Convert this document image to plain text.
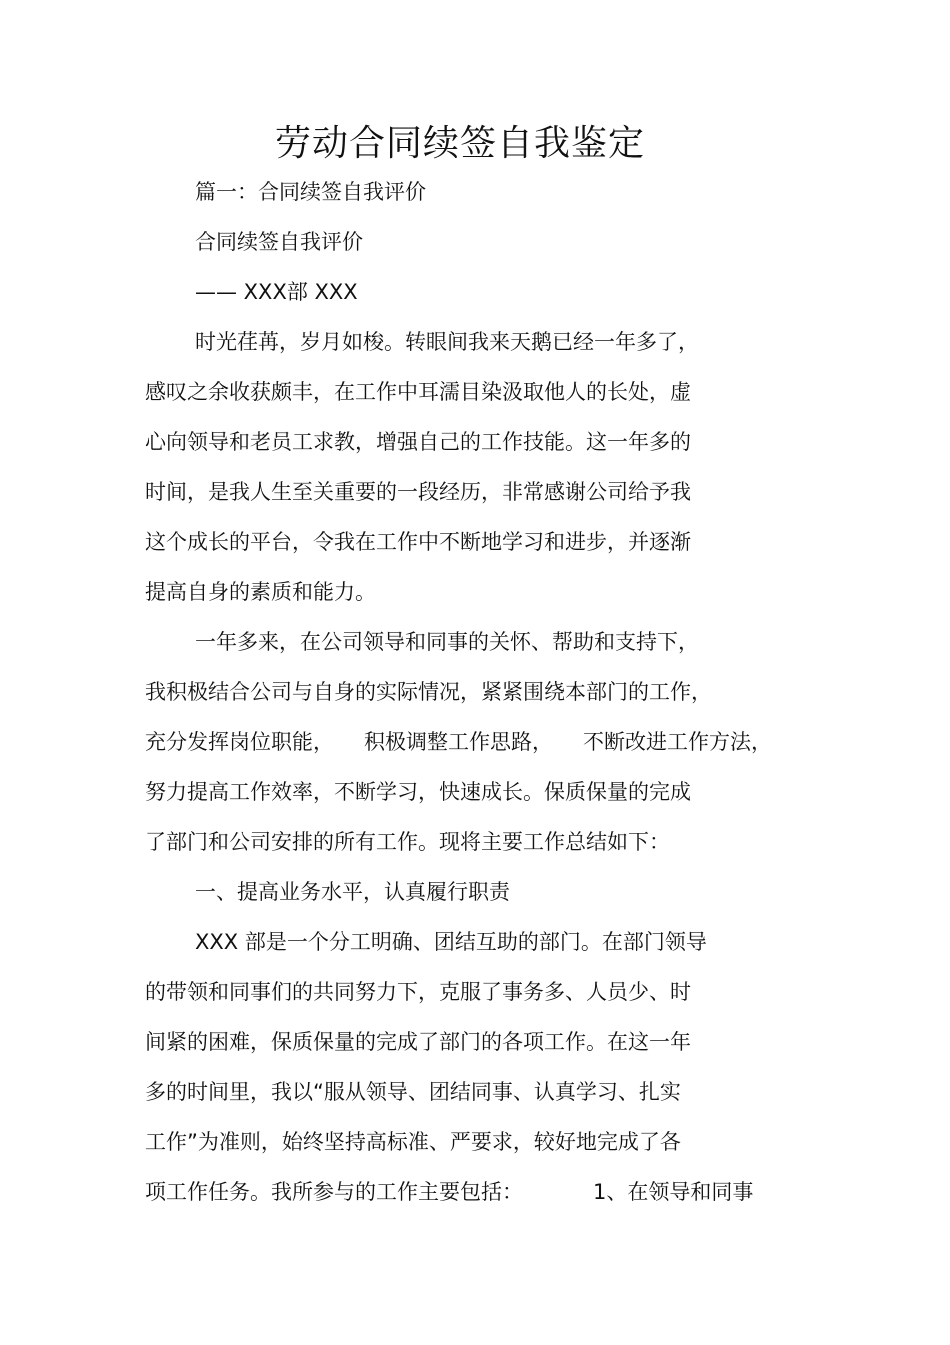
劳动合同续签自我鉴定
篇一：合同续签自我评价
合同续签自我评价
—— XXX部 XXX
时光荏苒，岁月如梭。转眼间我来天鹅已经一年多了，
感叹之余收获颇丰，在工作中耳濡目染汲取他人的长处，虚
心向领导和老员工求教，增强自己的工作技能。这一年多的
时间，是我人生至关重要的一段经历，非常感谢公司给予我
这个成长的平台，令我在工作中不断地学习和进步，并逐渐
提高自身的素质和能力。
一年多来，在公司领导和同事的关怀、帮助和支持下，
我积极结合公司与自身的实际情况，紧紧围绕本部门的工作，
充分发挥岗位职能， 积极调整工作思路， 不断改进工作方法，
努力提高工作效率，不断学习，快速成长。保质保量的完成
了部门和公司安排的所有工作。现将主要工作总结如下：
一、提高业务水平，认真履行职责
XXX 部是一个分工明确、团结互助的部门。在部门领导
的带领和同事们的共同努力下，克服了事务多、人员少、时
间紧的困难，保质保量的完成了部门的各项工作。在这一年
多的时间里，我以“服从领导、团结同事、认真学习、扎实
工作”为准则，始终坚持高标准、严要求，较好地完成了各
项工作任务。我所参与的工作主要包括：	1、在领导和同事
